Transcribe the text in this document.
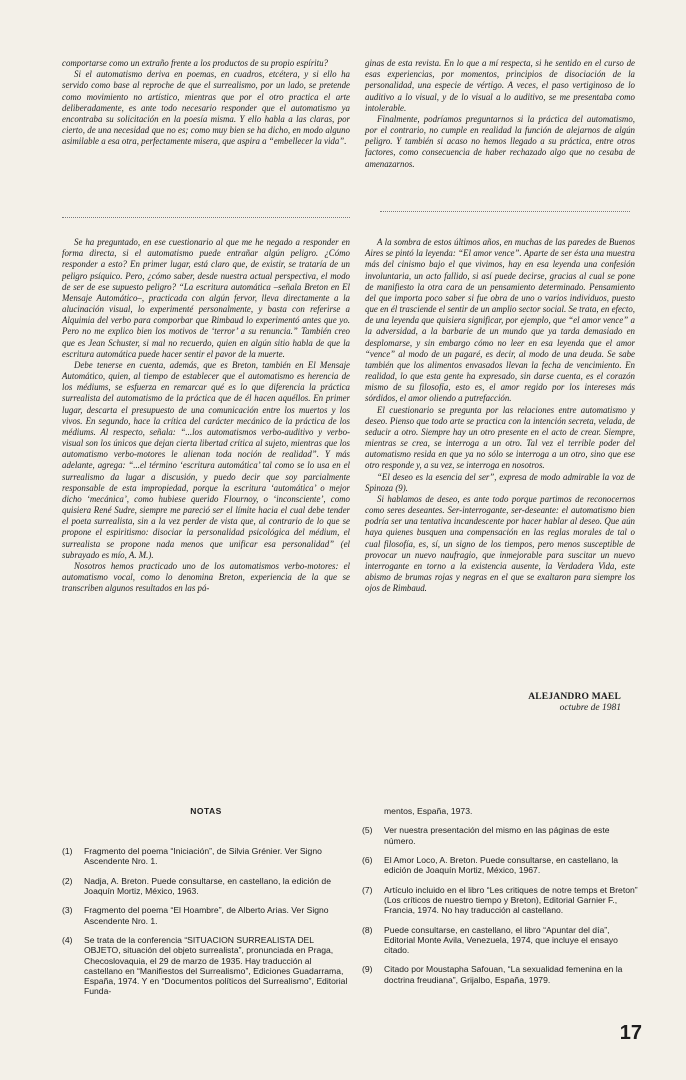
comportarse como un extraño frente a los productos de su propio espíritu?

Si el automatismo deriva en poemas, en cuadros, etcétera, y si ello ha servido como base al reproche de que el surrealismo, por un lado, se pretende como movimiento no artístico, mientras que por el otro practica el arte deliberadamente, es ante todo necesario responder que el automatismo ya encontraba su solicitación en la poesía misma. Y ello habla a las claras, por cierto, de una necesidad que no es; como muy bien se ha dicho, en modo alguno asimilable a esa otra, perfectamente misera, que aspira a “embellecer la vida”.

ginas de esta revista. En lo que a mí respecta, si he sentido en el curso de esas experiencias, por momentos, principios de disociación de la personalidad, una especie de vértigo. A veces, el paso vertiginoso de lo auditivo a lo visual, y de lo visual a lo auditivo, se me presentaba como intolerable.

Finalmente, podríamos preguntarnos si la práctica del automatismo, por el contrario, no cumple en realidad la función de alejarnos de algún peligro. Y también si acaso no hemos llegado a su práctica, entre otros factores, como consecuencia de haber rechazado algo que no cesaba de amenazarnos.

Se ha preguntado, en ese cuestionario al que me he negado a responder en forma directa, si el automatismo puede entrañar algún peligro. ¿Cómo responder a esto? En primer lugar, está claro que, de existir, se trataría de un peligro psíquico. Pero, ¿cómo saber, desde nuestra actual perspectiva, el modo de ser de ese supuesto peligro? “La escritura automática –señala Breton en El Mensaje Automático–, practicada con algún fervor, lleva directamente a la alucinación visual, lo experimenté personalmente, y basta con referirse a Alquimia del verbo para comporbar que Rimbaud lo experimentó antes que yo. Pero no me explico bien los motivos de ‘terror’ a su renuncia.” También creo que es Jean Schuster, si mal no recuerdo, quien en algún sitio habla de que la escritura automática puede hacer sentir el pavor de la muerte.

Debe tenerse en cuenta, además, que es Breton, también en El Mensaje Automático, quien, al tiempo de establecer que el automatismo es herencia de los médiums, se esfuerza en remarcar qué es lo que diferencia la práctica surrealista del automatismo de la práctica que de él hacen aquéllos. En primer lugar, descarta el presupuesto de una comunicación entre los muertos y los vivos. En segundo, hace la crítica del carácter mecánico de la práctica de los médiums. Al respecto, señala: “...los automatismos verbo-auditivo y verbo-visual son los únicos que dejan cierta libertad crítica al sujeto, mientras que los automatismo verbo-motores le alienan toda noción de realidad”. Y más adelante, agrega: “...el término ‘escritura automática’ tal como se lo usa en el surrealismo da lugar a discusión, y puedo decir que soy parcialmente responsable de esta impropiedad, porque la escritura ‘automática’ o mejor dicho ‘mecánica’, como hubiese querido Flournoy, o ‘inconsciente’, como quisiera René Sudre, siempre me pareció ser el límite hacia el cual debe tender el poeta surrealista, sin a la vez perder de vista que, al contrario de lo que se propone el espiritismo: disociar la personalidad psicológica del médium, el surrealista se propone nada menos que unificar esa personalidad” (el subrayado es mío, A. M.).

Nosotros hemos practicado uno de los automatismos verbo-motores: el automatismo vocal, como lo denomina Breton, experiencia de la que se transcriben algunos resultados en las pá-

A la sombra de estos últimos años, en muchas de las paredes de Buenos Aires se pintó la leyenda: “El amor vence”. Aparte de ser ésta una muestra más del cinismo bajo el que vivimos, hay en esa leyenda una confesión involuntaria, un acto fallido, si así puede decirse, gracias al cual se pone de manifiesto la otra cara de un pensamiento determinado. Pensamiento del que importa poco saber si fue obra de uno o varios individuos, puesto que en él trasciende el sentir de un amplio sector social. Se trata, en efecto, de una leyenda que quisiera significar, por ejemplo, que “el amor vence” a la adversidad, a la barbarie de un mundo que ya tarda demasiado en desplomarse, y sin embargo cómo no leer en esa leyenda que el amor “vence” al modo de un pagaré, es decir, al modo de una deuda. Se sabe también que los alimentos envasados llevan la fecha de vencimiento. En realidad, lo que esta gente ha expresado, sin darse cuenta, es el corazón mismo de su filosofía, esto es, el amor regido por los intereses más sórdidos, el amor oliendo a putrefacción.

El cuestionario se pregunta por las relaciones entre automatismo y deseo. Pienso que todo arte se practica con la intención secreta, velada, de seducir a otro. Siempre hay un otro presente en el acto de crear. Siempre, mientras se crea, se interroga a un otro. Tal vez el terrible poder del automatismo resida en que ya no sólo se interroga a un otro, sino que ese otro responde y, a su vez, se interroga en nosotros.

“El deseo es la esencia del ser”, expresa de modo admirable la voz de Spinoza (9).

Si hablamos de deseo, es ante todo porque partimos de reconocernos como seres deseantes. Ser-interrogante, ser-deseante: el automatismo bien podría ser una tentativa incandescente por hacer hablar al deseo. Que aún haya quienes busquen una compensación en las reglas morales de tal o cual filosofía, es, sí, un signo de los tiempos, pero menos susceptible de provocar un nuevo naufragio, que inmejorable para suscitar un nuevo interrogante en torno a la existencia ausente, la Verdadera Vida, este abismo de brumas rojas y negras en el que se exaltaron para siempre los ojos de Rimbaud.

ALEJANDRO MAEL
octubre de 1981
NOTAS
(1)	Fragmento del poema “Iniciación”, de Silvia Grénier. Ver Signo Ascendente Nro. 1.
(2)	Nadja, A. Breton. Puede consultarse, en castellano, la edición de Joaquín Mortiz, México, 1963.
(3)	Fragmento del poema “El Hoambre”, de Alberto Arias. Ver Signo Ascendente Nro. 1.
(4)	Se trata de la conferencia “SITUACION SURREALISTA DEL OBJETO, situación del objeto surrealista”, pronunciada en Praga, Checoslovaquia, el 29 de marzo de 1935. Hay traducción al castellano en “Manifiestos del Surrealismo”, Ediciones Guadarrama, España, 1974. Y en “Documentos políticos del Surrealismo”, Editorial Funda-
mentos, España, 1973.
(5)	Ver nuestra presentación del mismo en las páginas de este número.
(6)	El Amor Loco, A. Breton. Puede consultarse, en castellano, la edición de Joaquín Mortiz, México, 1967.
(7)	Artículo incluido en el libro “Les critiques de notre temps et Breton” (Los críticos de nuestro tiempo y Breton), Editorial Garnier F., Francia, 1974. No hay traducción al castellano.
(8)	Puede consultarse, en castellano, el libro “Apuntar del día”, Editorial Monte Avila, Venezuela, 1974, que incluye el ensayo citado.
(9)	Citado por Moustapha Safouan, “La sexualidad femenina en la doctrina freudiana”, Grijalbo, España, 1979.
17
